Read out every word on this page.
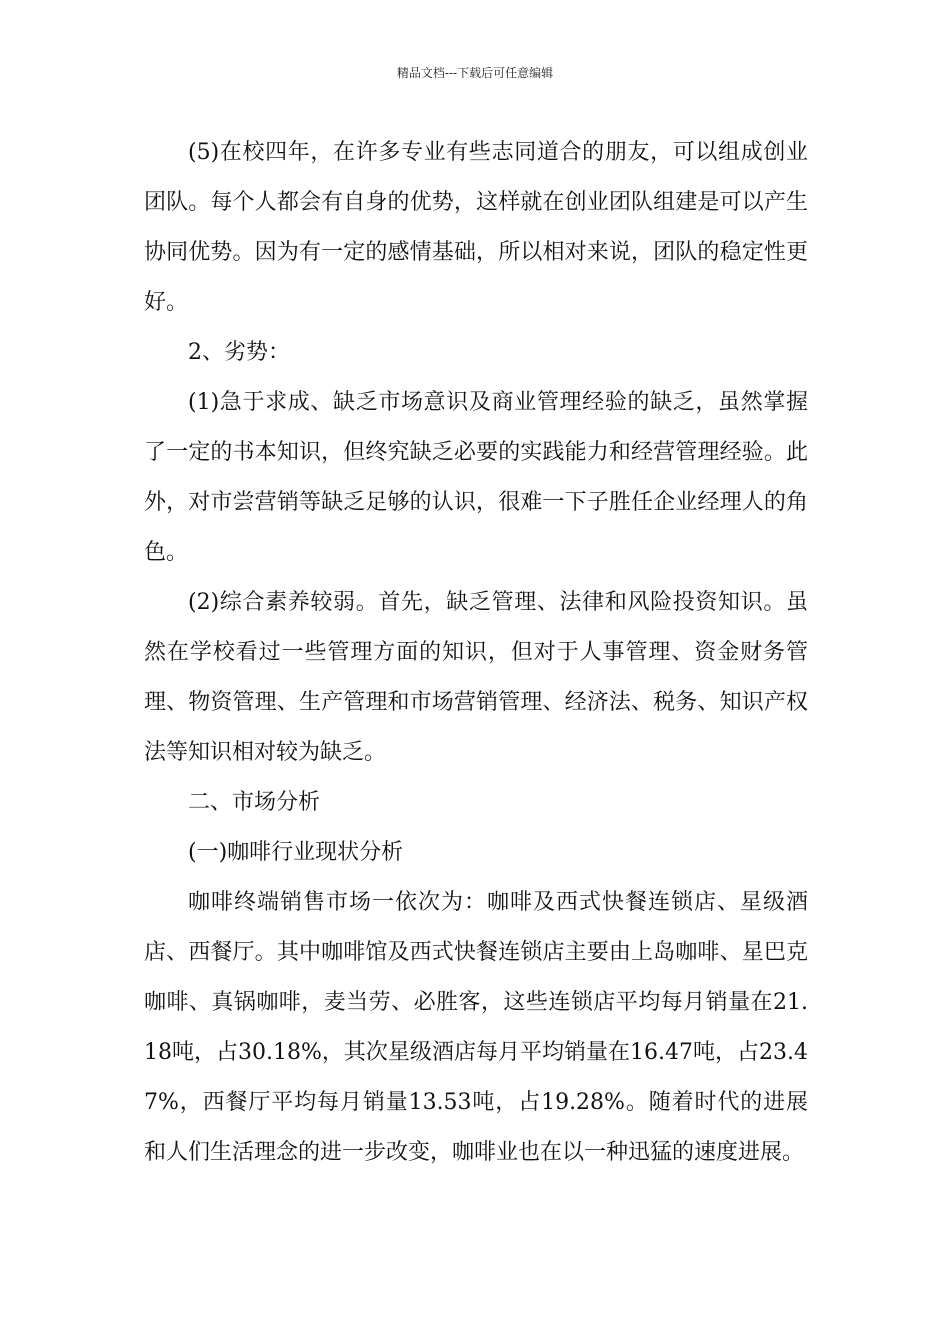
精品文档---下载后可任意编辑

(5)在校四年，在许多专业有些志同道合的朋友，可以组成创业团队。每个人都会有自身的优势，这样就在创业团队组建是可以产生协同优势。因为有一定的感情基础，所以相对来说，团队的稳定性更好。

2、劣势：

(1)急于求成、缺乏市场意识及商业管理经验的缺乏，虽然掌握了一定的书本知识，但终究缺乏必要的实践能力和经营管理经验。此外，对市尝营销等缺乏足够的认识，很难一下子胜任企业经理人的角色。

(2)综合素养较弱。首先，缺乏管理、法律和风险投资知识。虽然在学校看过一些管理方面的知识，但对于人事管理、资金财务管理、物资管理、生产管理和市场营销管理、经济法、税务、知识产权法等知识相对较为缺乏。

二、市场分析

(一)咖啡行业现状分析

咖啡终端销售市场一依次为：咖啡及西式快餐连锁店、星级酒店、西餐厅。其中咖啡馆及西式快餐连锁店主要由上岛咖啡、星巴克咖啡、真锅咖啡，麦当劳、必胜客，这些连锁店平均每月销量在21.18吨，占30.18%，其次星级酒店每月平均销量在16.47吨，占23.47%，西餐厅平均每月销量13.53吨，占19.28%。随着时代的进展和人们生活理念的进一步改变，咖啡业也在以一种迅猛的速度进展。
